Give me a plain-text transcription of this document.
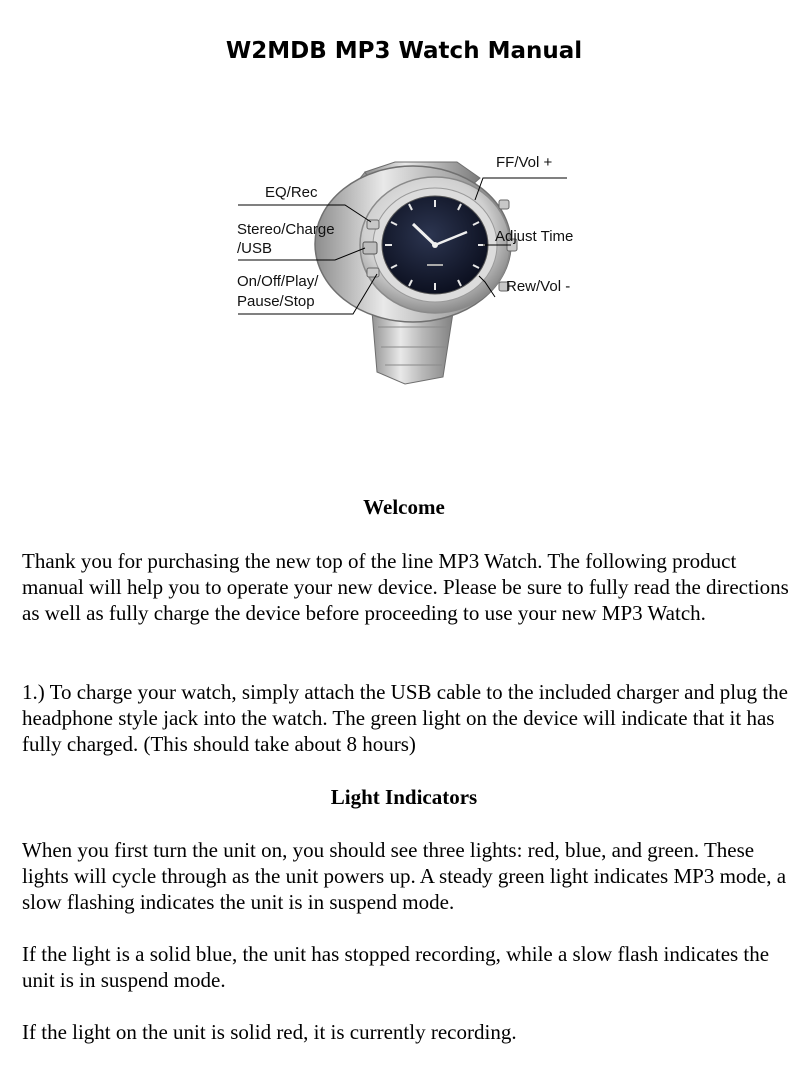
W2MDB MP3 Watch Manual
FF/Vol +
EQ/Rec
Stereo/Charge
/USB
Adjust Time
On/Off/Play/
Pause/Stop
Rew/Vol -
Welcome

Thank you for purchasing the new top of the line MP3 Watch. The following product manual will help you to operate your new device. Please be sure to fully read the directions as well as fully charge the device before proceeding to use your new MP3 Watch.

1.) To charge your watch, simply attach the USB cable to the included charger and plug the headphone style jack into the watch. The green light on the device will indicate that it has fully charged. (This should take about 8 hours)

Light Indicators

When you first turn the unit on, you should see three lights: red, blue, and green. These lights will cycle through as the unit powers up. A steady green light indicates MP3 mode, a slow flashing indicates the unit is in suspend mode.

If the light is a solid blue, the unit has stopped recording, while a slow flash indicates the unit is in suspend mode.

If the light on the unit is solid red, it is currently recording.
